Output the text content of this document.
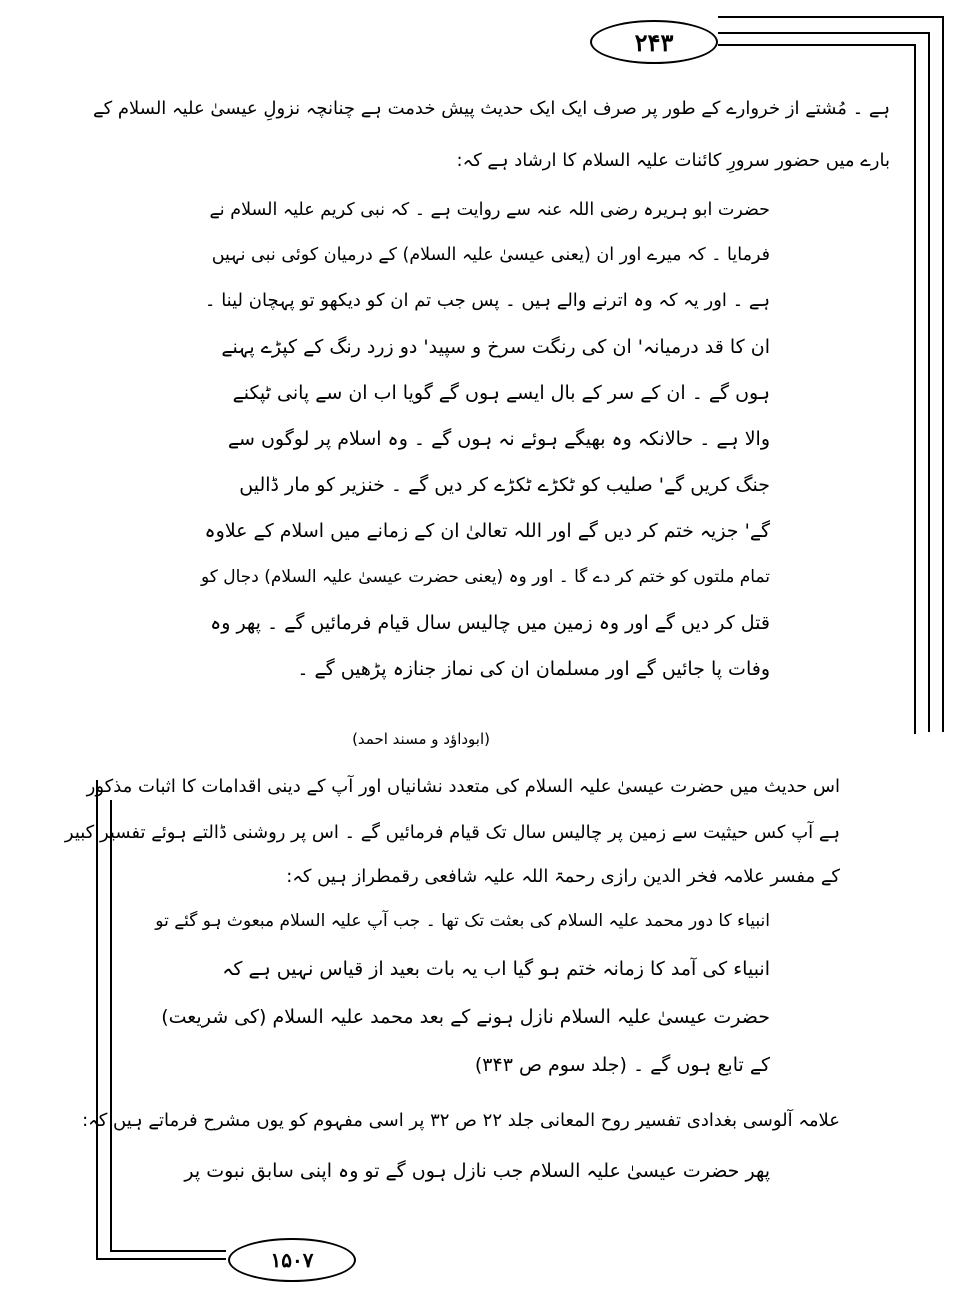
۲۴۳
ہے ۔ مُشتے از خروارے کے طور پر صرف ایک ایک حدیث پیش خدمت ہے چنانچہ نزولِ عیسیٰ علیہ السلام کے
بارے میں حضور سرورِ کائنات علیہ السلام کا ارشاد ہے کہ:
حضرت ابو ہریرہ رضی اللہ عنہ سے روایت ہے ۔ کہ نبی کریم علیہ السلام نے
فرمایا ۔ کہ میرے اور ان (یعنی عیسیٰ علیہ السلام) کے درمیان کوئی نبی نہیں
ہے ۔ اور یہ کہ وہ اترنے والے ہیں ۔ پس جب تم ان کو دیکھو تو پہچان لینا ۔
ان کا قد درمیانہ' ان کی رنگت سرخ و سپید' دو زرد رنگ کے کپڑے پہنے
ہوں گے ۔ ان کے سر کے بال ایسے ہوں گے گویا اب ان سے پانی ٹپکنے
والا ہے ۔ حالانکہ وہ بھیگے ہوئے نہ ہوں گے ۔ وہ اسلام پر لوگوں سے
جنگ کریں گے' صلیب کو ٹکڑے ٹکڑے کر دیں گے ۔ خنزیر کو مار ڈالیں
گے' جزیہ ختم کر دیں گے اور اللہ تعالیٰ ان کے زمانے میں اسلام کے علاوہ
تمام ملتوں کو ختم کر دے گا ۔ اور وہ (یعنی حضرت عیسیٰ علیہ السلام) دجال کو
قتل کر دیں گے اور وہ زمین میں چالیس سال قیام فرمائیں گے ۔ پھر وہ
وفات پا جائیں گے اور مسلمان ان کی نماز جنازہ پڑھیں گے ۔
(ابوداؤد و مسند احمد)
اس حدیث میں حضرت عیسیٰ علیہ السلام کی متعدد نشانیاں اور آپ کے دینی اقدامات کا اثبات مذکور
ہے آپ کس حیثیت سے زمین پر چالیس سال تک قیام فرمائیں گے ۔ اس پر روشنی ڈالتے ہوئے تفسیر کبیر
کے مفسر علامہ فخر الدین رازی رحمۃ اللہ علیہ شافعی رقمطراز ہیں کہ:
انبیاء کا دور محمد علیہ السلام کی بعثت تک تھا ۔ جب آپ علیہ السلام مبعوث ہو گئے تو
انبیاء کی آمد کا زمانہ ختم ہو گیا اب یہ بات بعید از قیاس نہیں ہے کہ
حضرت عیسیٰ علیہ السلام نازل ہونے کے بعد محمد علیہ السلام (کی شریعت)
کے تابع ہوں گے ۔ (جلد سوم ص ۳۴۳)
علامہ آلوسی بغدادی تفسیر روح المعانی جلد ۲۲ ص ۳۲ پر اسی مفہوم کو یوں مشرح فرماتے ہیں کہ:
پھر حضرت عیسیٰ علیہ السلام جب نازل ہوں گے تو وہ اپنی سابق نبوت پر
۱۵۰۷
